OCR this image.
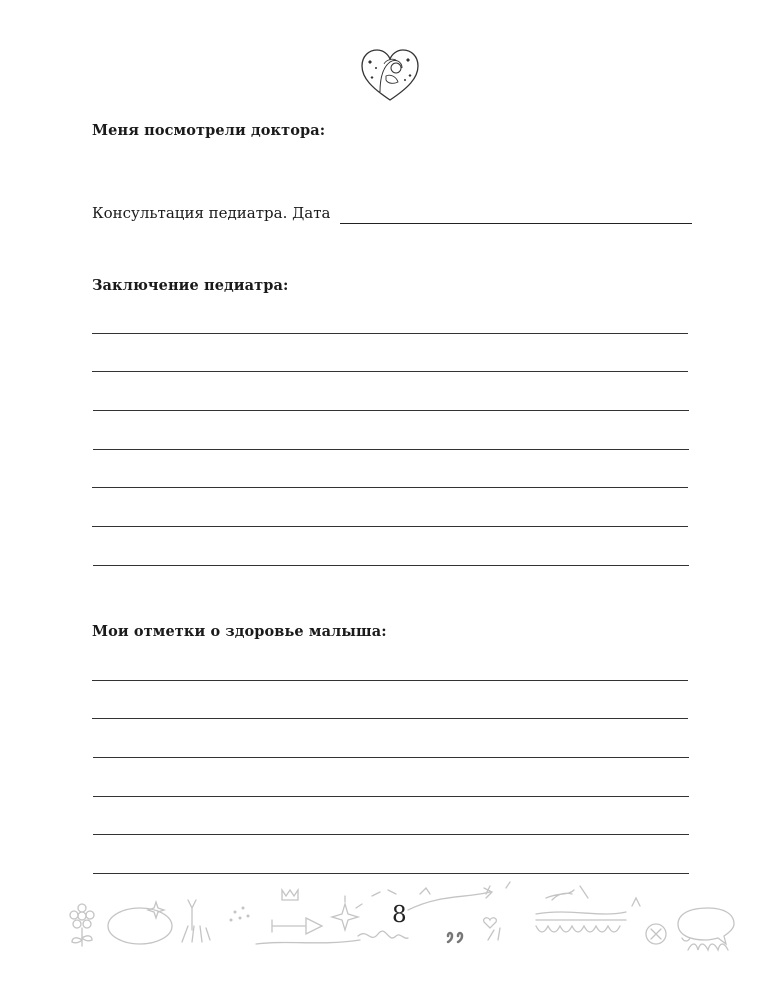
Меня посмотрели доктора:
Консультация педиатра. Дата
Заключение педиатра:
Мои отметки о здоровье малыша:
8
